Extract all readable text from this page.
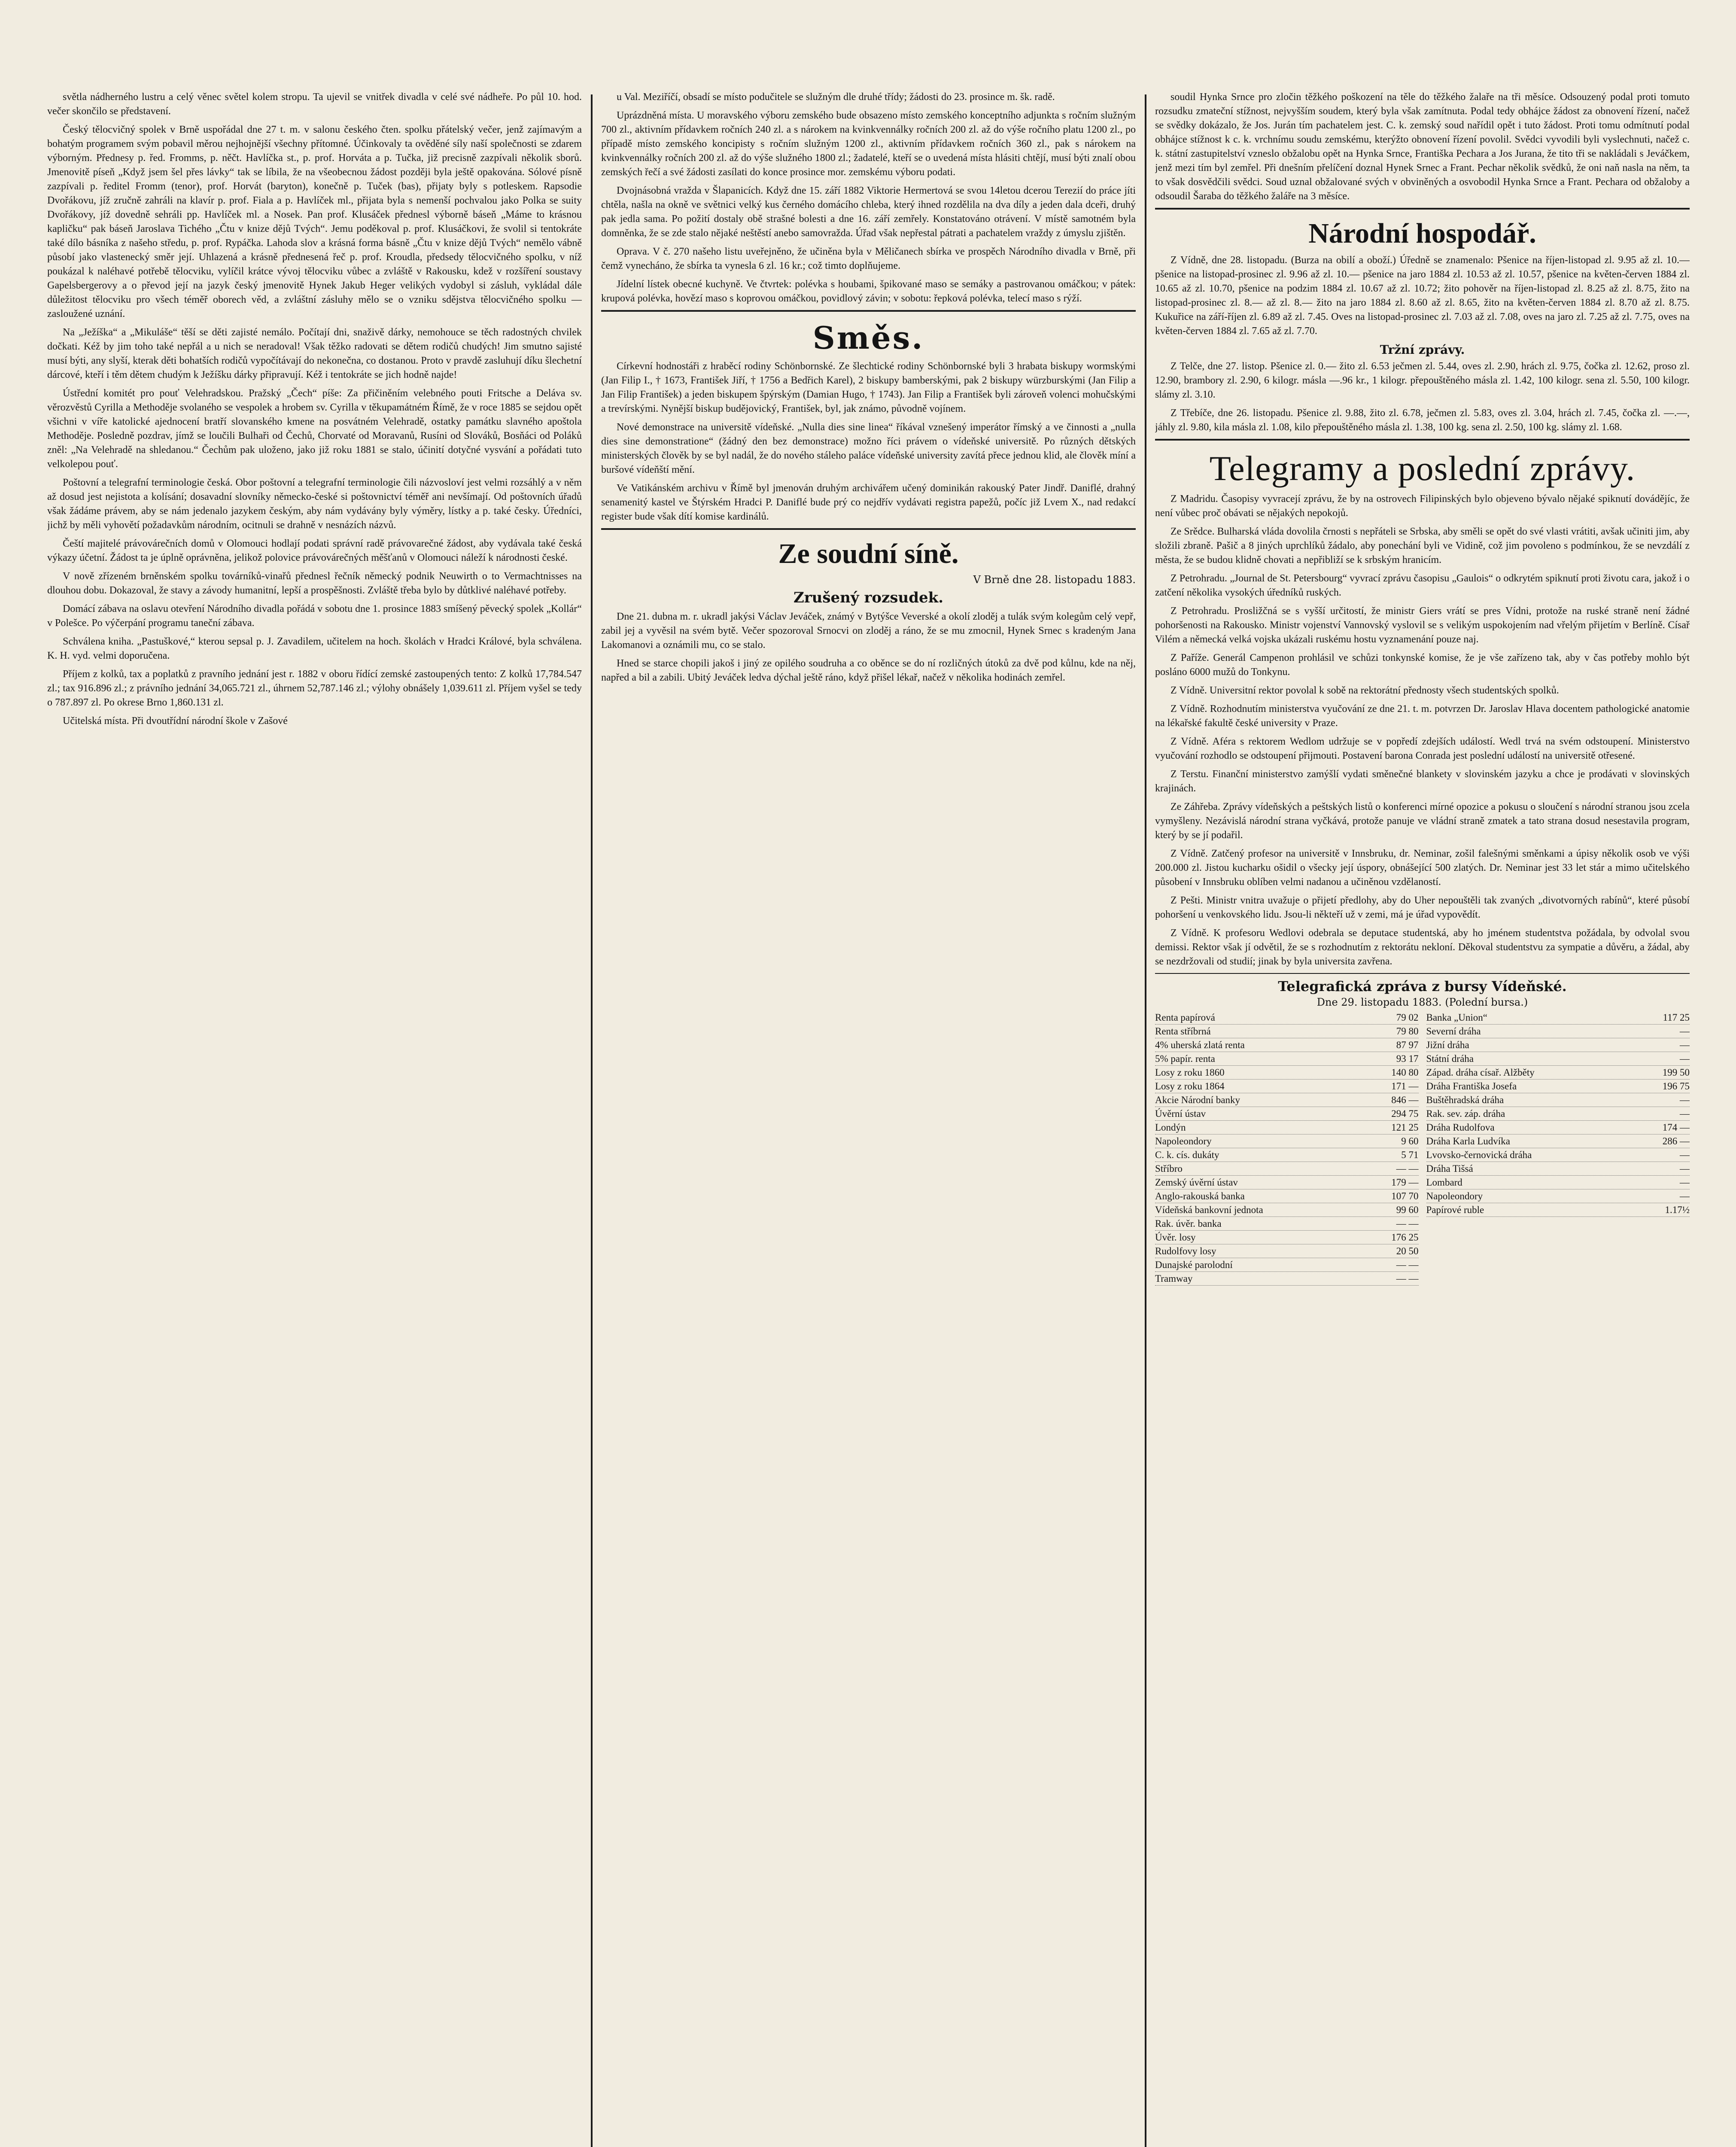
světla nádherného lustru a celý věnec světel kolem stropu. Ta ujevil se vnitřek divadla v celé své nádheře. Po půl 10. hod. večer skončilo se představení.

Český tělocvičný spolek v Brně uspořádal dne 27 t. m. v salonu českého čten. spolku přátelský večer, jenž zajímavým a bohatým programem svým pobavil měrou nejhojnější všechny přítomné. Účinkovaly ta ověděné síly naší společnosti se zdarem výborným. Přednesy p. řed. Fromms, p. něčt. Havlíčka st., p. prof. Horváta a p. Tučka, již precisně zazpívali několik sborů. Jmenovitě píseň „Když jsem šel přes lávky“ tak se líbila, že na všeobecnou žádost později byla ještě opakována. Sólové písně zazpívali p. ředitel Fromm (tenor), prof. Horvát (baryton), konečně p. Tuček (bas), přijaty byly s potleskem. Rapsodie Dvořákovu, jíž zručně zahráli na klavír p. prof. Fiala a p. Havlíček ml., přijata byla s nemenší pochvalou jako Polka se suity Dvořákovy, jíž dovedně sehráli pp. Havlíček ml. a Nosek. Pan prof. Klusáček přednesl výborně báseň „Máme to krásnou kapličku“ pak báseň Jaroslava Tichého „Čtu v knize dějů Tvých“. Jemu poděkoval p. prof. Klusáčkovi, že svolil si tentokráte také dílo básníka z našeho středu, p. prof. Rypáčka. Lahoda slov a krásná forma básně „Čtu v knize dějů Tvých“ nemělo vábně působí jako vlastenecký směr její. Uhlazená a krásně přednesená řeč p. prof. Kroudla, předsedy tělocvičného spolku, v níž poukázal k naléhavé potřebě tělocviku, vylíčil krátce vývoj tělocviku vůbec a zvláště v Rakousku, kdež v rozšíření soustavy Gapelsbergerovy a o převod její na jazyk český jmenovitě Hynek Jakub Heger velikých vydobyl si zásluh, vykládal dále důležitost tělocviku pro všech téměř oborech věd, a zvláštní zásluhy mělo se o vzniku sdějstva tělocvičného spolku — zasloužené uznání.

Na „Ježíška“ a „Mikuláše“ těší se děti zajisté nemálo. Počítají dni, snaživě dárky, nemohouce se těch radostných chvilek dočkati. Kéž by jim toho také nepřál a u nich se neradoval! Však těžko radovati se dětem rodičů chudých! Jim smutno sajisté musí býti, any slyší, kterak děti bohatších rodičů vypočítávají do nekonečna, co dostanou. Proto v pravdě zasluhují díku šlechetní dárcové, kteří i těm dětem chudým k Ježíšku dárky připravují. Kéž i tentokráte se jich hodně najde!

Ústřední komitét pro pouť Velehradskou. Pražský „Čech“ píše: Za přičiněním velebného pouti Fritsche a Deláva sv. věrozvěstů Cyrilla a Methoděje svolaného se vespolek a hrobem sv. Cyrilla v těkupamátném Římě, že v roce 1885 se sejdou opět všichni v víře katolické ajednocení bratří slovanského kmene na posvátném Velehradě, ostatky památku slavného apoštola Methoděje. Posledně pozdrav, jímž se loučili Bulhaři od Čechů, Chorvaté od Moravanů, Rusíni od Slováků, Bosňáci od Poláků zněl: „Na Velehradě na shledanou.“ Čechům pak uloženo, jako již roku 1881 se stalo, účinití dotyčné vysvání a pořádati tuto velkolepou pouť.

Poštovní a telegrafní terminologie česká. Obor poštovní a telegrafní terminologie čili názvosloví jest velmi rozsáhlý a v něm až dosud jest nejistota a kolísání; dosavadní slovníky německo-české si poštovnictví téměř ani nevšímají. Od poštovních úřadů však žádáme právem, aby se nám jedenalo jazykem českým, aby nám vydávány byly výměry, lístky a p. také česky. Úředníci, jichž by měli vyhovětí požadavkům národním, ocitnuli se drahně v nesnázích názvů.

Čeští majitelé právovárečních domů v Olomouci hodlají podati správní radě právovarečné žádost, aby vydávala také česká výkazy účetní. Žádost ta je úplně oprávněna, jelikož polovice právovárečných měšťanů v Olomouci náleží k národnosti české.

V nově zřízeném brněnském spolku továrníků-vinařů přednesl řečník německý podnik Neuwirth o to Vermachtnisses na dlouhou dobu. Dokazoval, že stavy a závody humanitní, lepší a prospěšnosti. Zvláště třeba bylo by důtklivé naléhavé potřeby.

Domácí zábava na oslavu otevření Národního divadla pořádá v sobotu dne 1. prosince 1883 smíšený pěvecký spolek „Kollár“ v Polešce. Po výčerpání programu taneční zábava.

Schválena kniha. „Pastuškové,“ kterou sepsal p. J. Zavadilem, učitelem na hoch. školách v Hradci Králové, byla schválena. K. H. vyd. velmi doporučena.

Příjem z kolků, tax a poplatků z pravního jednání jest r. 1882 v oboru řídící zemské zastoupených tento: Z kolků 17,784.547 zl.; tax 916.896 zl.; z právního jednání 34,065.721 zl., úhrnem 52,787.146 zl.; výlohy obnášely 1,039.611 zl. Příjem vyšel se tedy o 787.897 zl. Po okrese Brno 1,860.131 zl.

Učitelská místa. Při dvoutřídní národní škole v Zašové

u Val. Meziříčí, obsadí se místo podučitele se služným dle druhé třídy; žádosti do 23. prosince m. šk. radě.

Uprázdněná místa. U moravského výboru zemského bude obsazeno místo zemského konceptního adjunkta s ročním služným 700 zl., aktivním přídavkem ročních 240 zl. a s nárokem na kvinkvennálky ročních 200 zl. až do výše ročního platu 1200 zl., po případě místo zemského koncipisty s ročním služným 1200 zl., aktivním přídavkem ročních 360 zl., pak s nárokem na kvinkvennálky ročních 200 zl. až do výše služného 1800 zl.; žadatelé, kteří se o uvedená místa hlásiti chtějí, musí býti znalí obou zemských řečí a své žádosti zasílati do konce prosince mor. zemskému výboru podati.

Dvojnásobná vražda v Šlapanicích. Když dne 15. září 1882 Viktorie Hermertová se svou 14letou dcerou Terezií do práce jíti chtěla, našla na okně ve světnici velký kus černého domácího chleba, který ihned rozdělila na dva díly a jeden dala dceři, druhý pak jedla sama. Po požití dostaly obě strašné bolesti a dne 16. září zemřely. Konstatováno otrávení. V místě samotném byla domněnka, že se zde stalo nějaké neštěstí anebo samovražda. Úřad však nepřestal pátrati a pachatelem vraždy z úmyslu zjištěn.

Oprava. V č. 270 našeho listu uveřejněno, že učiněna byla v Měličanech sbírka ve prospěch Národního divadla v Brně, při čemž vynecháno, že sbírka ta vynesla 6 zl. 16 kr.; což timto doplňujeme.

Jídelní lístek obecné kuchyně. Ve čtvrtek: polévka s houbami, špikované maso se semáky a pastrovanou omáčkou; v pátek: krupová polévka, hovězí maso s koprovou omáčkou, povidlový závin; v sobotu: řepková polévka, telecí maso s rýží.

Směs.

Církevní hodnostáři z hraběcí rodiny Schönbornské. Ze šlechtické rodiny Schönbornské byli 3 hrabata biskupy wormskými (Jan Filip I., † 1673, František Jiří, † 1756 a Bedřich Karel), 2 biskupy bamberskými, pak 2 biskupy würzburskými (Jan Filip a Jan Filip František) a jeden biskupem špýrským (Damian Hugo, † 1743). Jan Filip a František byli zároveň volenci mohučskými a trevírskými. Nynější biskup budějovický, František, byl, jak známo, původně vojínem.

Nové demonstrace na universitě vídeňské. „Nulla dies sine linea“ říkával vznešený imperátor římský a ve činnosti a „nulla dies sine demonstratione“ (žádný den bez demonstrace) možno říci právem o vídeňské universitě. Po různých dětských ministerských člověk by se byl nadál, že do nového stáleho paláce vídeňské university zavítá přece jednou klid, ale člověk míní a buršové vídeňští mění.

Ve Vatikánském archivu v Římě byl jmenován druhým archivářem učený dominikán rakouský Pater Jindř. Daniflé, drahný senamenitý kastel ve Štýrském Hradci P. Daniflé bude prý co nejdřív vydávati registra papežů, počíc již Lvem X., nad redakcí register bude však dítí komise kardinálů.

Ze soudní síně.
V Brně dne 28. listopadu 1883.
Zrušený rozsudek.

Dne 21. dubna m. r. ukradl jakýsi Václav Jeváček, známý v Bytýšce Veverské a okolí zloděj a tulák svým kolegům celý vepř, zabil jej a vyvěsil na svém bytě. Večer spozoroval Srnocvi on zloděj a ráno, že se mu zmocnil, Hynek Srnec s kradeným Jana Lakomanovi a oznámili mu, co se stalo.

Hned se starce chopili jakoš i jiný ze opilého soudruha a co oběnce se do ní rozličných útoků za dvě pod kůlnu, kde na něj, napřed a bil a zabili. Ubitý Jeváček ledva dýchal ještě ráno, když přišel lékař, načež v několika hodinách zemřel.

soudil Hynka Srnce pro zločin těžkého poškození na těle do těžkého žalaře na tři měsíce. Odsouzený podal proti tomuto rozsudku zmateční stížnost, nejvyšším soudem, který byla však zamítnuta. Podal tedy obhájce žádost za obnovení řízení, načež se svědky dokázalo, že Jos. Jurán tím pachatelem jest. C. k. zemský soud nařídil opět i tuto žádost. Proti tomu odmítnutí podal obhájce stížnost k c. k. vrchnímu soudu zemskému, kterýžto obnovení řízení povolil. Svědci vyvodili byli vyslechnuti, načež c. k. státní zastupitelství vzneslo obžalobu opět na Hynka Srnce, Františka Pechara a Jos Jurana, že tito tři se nakládali s Jeváčkem, jenž mezi tím byl zemřel. Při dnešním přelíčení doznal Hynek Srnec a Frant. Pechar několik svědků, že oni naň nasla na něm, ta to však dosvědčili svědci. Soud uznal obžalované svých v obviněných a osvobodil Hynka Srnce a Frant. Pechara od obžaloby a odsoudil Šaraba do těžkého žaláře na 3 měsíce.

Národní hospodář.

Z Vídně, dne 28. listopadu. (Burza na obilí a oboží.) Úředně se znamenalo: Pšenice na říjen-listopad zl. 9.95 až zl. 10.— pšenice na listopad-prosinec zl. 9.96 až zl. 10.— pšenice na jaro 1884 zl. 10.53 až zl. 10.57, pšenice na květen-červen 1884 zl. 10.65 až zl. 10.70, pšenice na podzim 1884 zl. 10.67 až zl. 10.72; žito pohověr na říjen-listopad zl. 8.25 až zl. 8.75, žito na listopad-prosinec zl. 8.— až zl. 8.— žito na jaro 1884 zl. 8.60 až zl. 8.65, žito na květen-červen 1884 zl. 8.70 až zl. 8.75. Kukuřice na září-říjen zl. 6.89 až zl. 7.45. Oves na listopad-prosinec zl. 7.03 až zl. 7.08, oves na jaro zl. 7.25 až zl. 7.75, oves na květen-červen 1884 zl. 7.65 až zl. 7.70.

Tržní zprávy.

Z Telče, dne 27. listop. Pšenice zl. 0.— žito zl. 6.53 ječmen zl. 5.44, oves zl. 2.90, hrách zl. 9.75, čočka zl. 12.62, proso zl. 12.90, brambory zl. 2.90, 6 kilogr. másla —.96 kr., 1 kilogr. přepouštěného másla zl. 1.42, 100 kilogr. sena zl. 5.50, 100 kilogr. slámy zl. 3.10.

Z Třebíče, dne 26. listopadu. Pšenice zl. 9.88, žito zl. 6.78, ječmen zl. 5.83, oves zl. 3.04, hrách zl. 7.45, čočka zl. —.—, jáhly zl. 9.80, kila másla zl. 1.08, kilo přepouštěného másla zl. 1.38, 100 kg. sena zl. 2.50, 100 kg. slámy zl. 1.68.

Telegramy a poslední zprávy.

Z Madridu. Časopisy vyvracejí zprávu, že by na ostrovech Filipinských bylo objeveno bývalo nějaké spiknutí dovádějíc, že není vůbec proč obávati se nějakých nepokojů.

Ze Srědce. Bulharská vláda dovolila črnosti s nepřáteli se Srbska, aby směli se opět do své vlasti vrátiti, avšak učiniti jim, aby složili zbraně. Pašič a 8 jiných uprchlíků žádalo, aby ponechání byli ve Vidině, což jim povoleno s podmínkou, že se nevzdálí z města, že se budou klidně chovati a nepřibliží se k srbským hranicím.

Z Petrohradu. „Journal de St. Petersbourg“ vyvrací zprávu časopisu „Gaulois“ o odkrytém spiknutí proti životu cara, jakož i o zatčení několika vysokých úředníků ruských.

Z Petrohradu. Prosližčná se s vyšší určitostí, že ministr Giers vrátí se pres Vídni, protože na ruské straně není žádné pohoršenosti na Rakousko. Ministr vojenství Vannovský vyslovil se s velikým uspokojením nad vřelým přijetím v Berlíně. Císař Vilém a německá velká vojska ukázali ruskému hostu vyznamenání pouze naj.

Z Paříže. Generál Campenon prohlásil ve schůzi tonkynské komise, že je vše zařízeno tak, aby v čas potřeby mohlo být posláno 6000 mužů do Tonkynu.

Z Vídně. Universitní rektor povolal k sobě na rektorátní přednosty všech studentských spolků.

Z Vídně. Rozhodnutím ministerstva vyučování ze dne 21. t. m. potvrzen Dr. Jaroslav Hlava docentem pathologické anatomie na lékařské fakultě české university v Praze.

Z Vídně. Aféra s rektorem Wedlom udržuje se v popředí zdejších událostí. Wedl trvá na svém odstoupení. Ministerstvo vyučování rozhodlo se odstoupení přijmouti. Postavení barona Conrada jest poslední událostí na universitě otřesené.

Z Terstu. Finanční ministerstvo zamýšlí vydati směnečné blankety v slovinském jazyku a chce je prodávati v slovinských krajinách.

Ze Záhřeba. Zprávy vídeňských a peštských listů o konferenci mírné opozice a pokusu o sloučení s národní stranou jsou zcela vymyšleny. Nezávislá národní strana vyčkává, protože panuje ve vládní straně zmatek a tato strana dosud nesestavila program, který by se jí podařil.

Z Vídně. Zatčený profesor na universitě v Innsbruku, dr. Neminar, zošil falešnými směnkami a úpisy několik osob ve výši 200.000 zl. Jistou kucharku ošidil o všecky její úspory, obnášející 500 zlatých. Dr. Neminar jest 33 let stár a mimo učitelského působení v Innsbruku oblíben velmi nadanou a učiněnou vzdělaností.

Z Pešti. Ministr vnitra uvažuje o přijetí předlohy, aby do Uher nepouštěli tak zvaných „divotvorných rabínů“, které působí pohoršení u venkovského lidu. Jsou-li někteří už v zemi, má je úřad vypovědít.

Z Vídně. K profesoru Wedlovi odebrala se deputace studentská, aby ho jménem studentstva požádala, by odvolal svou demissi. Rektor však jí odvětil, že se s rozhodnutím z rektorátu nekloní. Děkoval studentstvu za sympatie a důvěru, a žádal, aby se nezdržovali od studií; jinak by byla universita zavřena.

Telegrafická zpráva z bursy Vídeňské.
Dne 29. listopadu 1883. (Polední bursa.)
Renta papírová	79 02
Renta stříbrná	79 80
4% uherská zlatá renta	87 97
5% papír. renta	93 17
Losy z roku 1860	140 80
Losy z roku 1864	171 —
Akcie Národní banky	846 —
Úvěrní ústav	294 75
Londýn	121 25
Napoleondory	9 60
C. k. cís. dukáty	5 71
Stříbro	— —
Zemský úvěrní ústav	179 —
Anglo-rakouská banka	107 70
Vídeňská bankovní jednota	99 60
Rak. úvěr. banka	— —
Úvěr. losy	176 25
Rudolfovy losy	20 50
Dunajské parolodní	— —
Tramway	— —
Banka „Union“	117 25
Severní dráha	—
Jižní dráha	—
Státní dráha	—
Západ. dráha císař. Alžběty	199 50
Dráha Františka Josefa	196 75
Buštěhradská dráha	—
Rak. sev. záp. dráha	—
Dráha Rudolfova	174 —
Dráha Karla Ludvíka	286 —
Lvovsko-černovická dráha	—
Dráha Tišsá	—
Lombard	—
Napoleondory	—
Papírové ruble	1.17½
